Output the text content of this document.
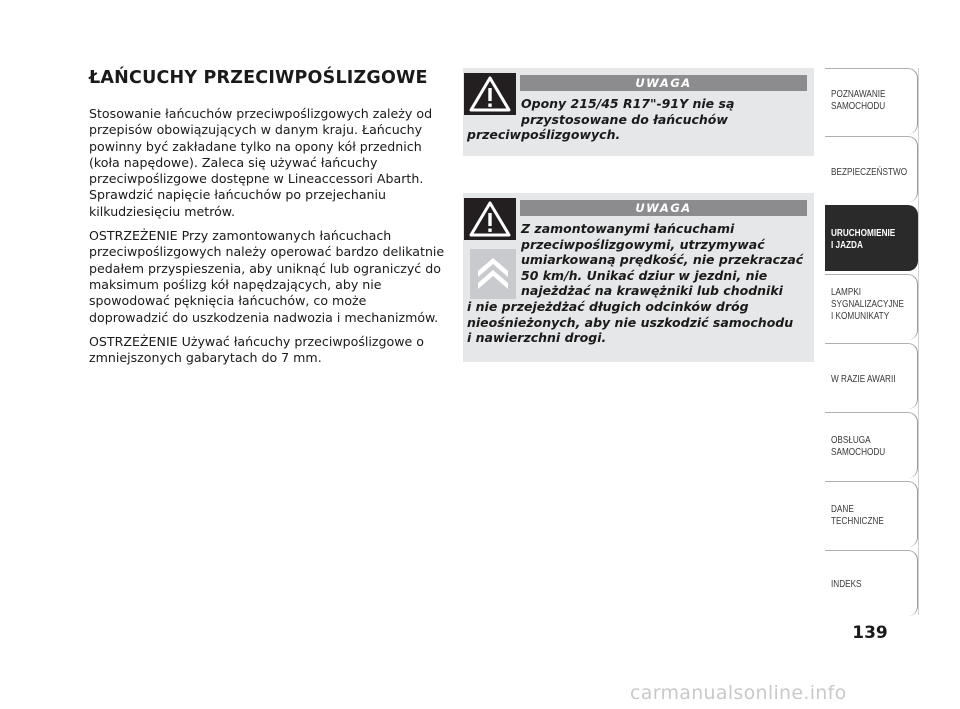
ŁAŃCUCHY PRZECIWPOŚLIZGOWE

Stosowanie łańcuchów przeciwpoślizgowych zależy od przepisów obowiązujących w danym kraju. Łańcuchy powinny być zakładane tylko na opony kół przednich (koła napędowe). Zaleca się używać łańcuchy przeciwpoślizgowe dostępne w Lineaccessori Abarth. Sprawdzić napięcie łańcuchów po przejechaniu kilkudziesięciu metrów.

OSTRZEŻENIE Przy zamontowanych łańcuchach przeciwpoślizgowych należy operować bardzo delikatnie pedałem przyspieszenia, aby uniknąć lub ograniczyć do maksimum poślizg kół napędzających, aby nie spowodować pęknięcia łańcuchów, co może doprowadzić do uszkodzenia nadwozia i mechanizmów.

OSTRZEŻENIE Używać łańcuchy przeciwpoślizgowe o zmniejszonych gabarytach do 7 mm.

UWAGA
Opony 215/45 R17"-91Y nie są
przystosowane do łańcuchów
przeciwpoślizgowych.
UWAGA
Z zamontowanymi łańcuchami
przeciwpoślizgowymi, utrzymywać
umiarkowaną prędkość, nie przekraczać
50 km/h. Unikać dziur w jezdni, nie
najeżdżać na krawężniki lub chodniki
i nie przejeżdżać długich odcinków dróg
nieośnieżonych, aby nie uszkodzić samochodu
i nawierzchni drogi.
POZNAWANIE
SAMOCHODU
BEZPIECZEŃSTWO
URUCHOMIENIE
I JAZDA
LAMPKI
SYGNALIZACYJNE
I KOMUNIKATY
W RAZIE AWARII
OBSŁUGA
SAMOCHODU
DANE
TECHNICZNE
INDEKS
139
carmanualsonline.info
